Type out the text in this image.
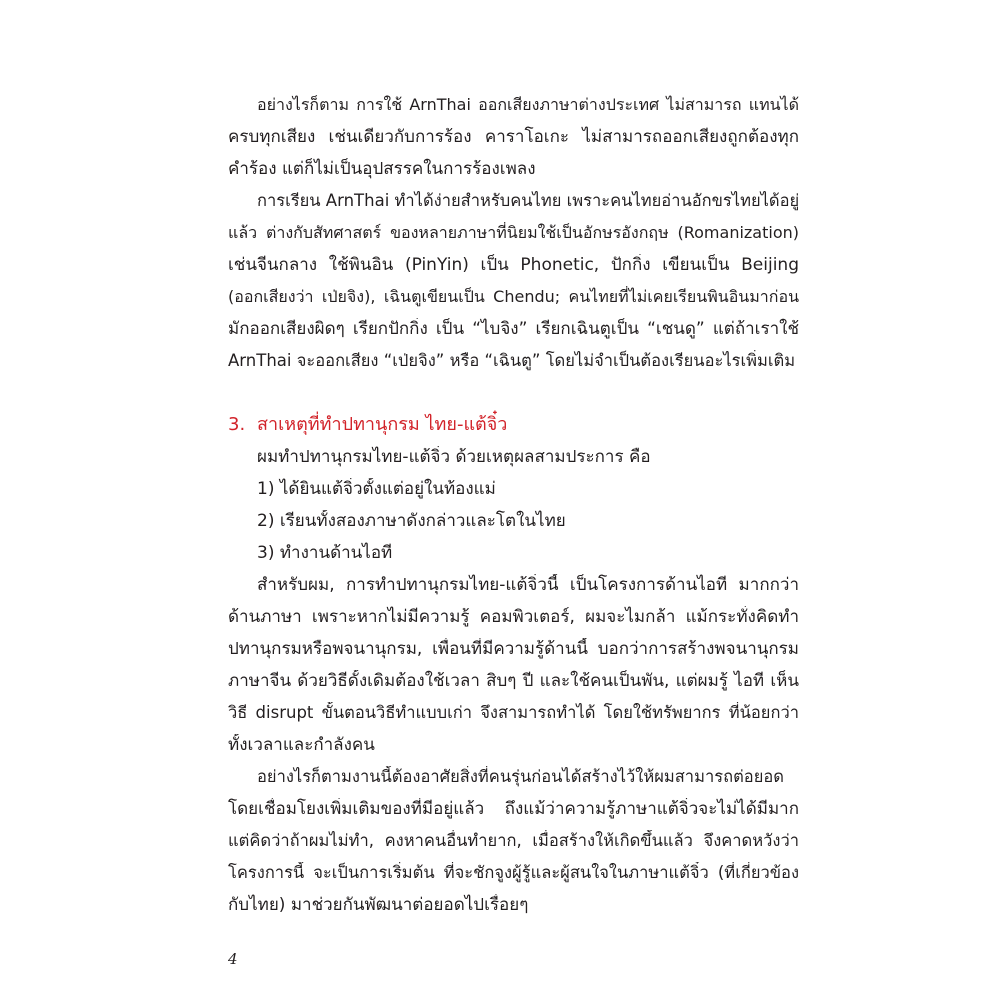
อย่างไรก็ตาม การใช้ ArnThai ออกเสียงภาษาต่างประเทศ ไม่สามารถ แทนได้
ครบทุกเสียง เช่นเดียวกับการร้อง คาราโอเกะ ไม่สามารถออกเสียงถูกต้องทุก
คำร้อง แต่ก็ไม่เป็นอุปสรรคในการร้องเพลง
การเรียน ArnThai ทำได้ง่ายสำหรับคนไทย เพราะคนไทยอ่านอักขรไทยได้อยู่
แล้ว ต่างกับสัทศาสตร์ ของหลายภาษาที่นิยมใช้เป็นอักษรอังกฤษ (Romanization)
เช่นจีนกลาง ใช้พินอิน (PinYin) เป็น Phonetic, ปักกิ่ง เขียนเป็น Beijing
(ออกเสียงว่า เป่ยจิง), เฉินตูเขียนเป็น Chendu; คนไทยที่ไม่เคยเรียนพินอินมาก่อน
มักออกเสียงผิดๆ เรียกปักกิ่ง เป็น “ไบจิง” เรียกเฉินตูเป็น “เชนดู” แต่ถ้าเราใช้
ArnThai จะออกเสียง “เป่ยจิง” หรือ “เฉินตู” โดยไม่จำเป็นต้องเรียนอะไรเพิ่มเติม
3. สาเหตุที่ทำปทานุกรม ไทย-แต้จิ๋ว
ผมทำปทานุกรมไทย-แต้จิ๋ว ด้วยเหตุผลสามประการ คือ
1) ได้ยินแต้จิ๋วตั้งแต่อยู่ในท้องแม่
2) เรียนทั้งสองภาษาดังกล่าวและโตในไทย
3) ทำงานด้านไอที
สำหรับผม, การทำปทานุกรมไทย-แต้จิ๋วนี้ เป็นโครงการด้านไอที มากกว่า
ด้านภาษา เพราะหากไม่มีความรู้ คอมพิวเตอร์, ผมจะไมกล้า แม้กระทั่งคิดทำ
ปทานุกรมหรือพจนานุกรม, เพื่อนที่มีความรู้ด้านนี้ บอกว่าการสร้างพจนานุกรม
ภาษาจีน ด้วยวิธีดั้งเดิมต้องใช้เวลา สิบๆ ปี และใช้คนเป็นพัน, แต่ผมรู้ ไอที เห็น
วิธี disrupt ขั้นตอนวิธีทำแบบเก่า จึงสามารถทำได้ โดยใช้ทรัพยากร ที่น้อยกว่า
ทั้งเวลาและกำลังคน
อย่างไรก็ตามงานนี้ต้องอาศัยสิ่งที่คนรุ่นก่อนได้สร้างไว้ให้ผมสามารถต่อยอด
โดยเชื่อมโยงเพิ่มเติมของที่มีอยู่แล้ว ถึงแม้ว่าความรู้ภาษาแต้จิ๋วจะไม่ได้มีมาก
แต่คิดว่าถ้าผมไม่ทำ, คงหาคนอื่นทำยาก, เมื่อสร้างให้เกิดขึ้นแล้ว จึงคาดหวังว่า
โครงการนี้ จะเป็นการเริ่มต้น ที่จะชักจูงผู้รู้และผู้สนใจในภาษาแต้จิ๋ว (ที่เกี่ยวข้อง
กับไทย) มาช่วยกันพัฒนาต่อยอดไปเรื่อยๆ
4
